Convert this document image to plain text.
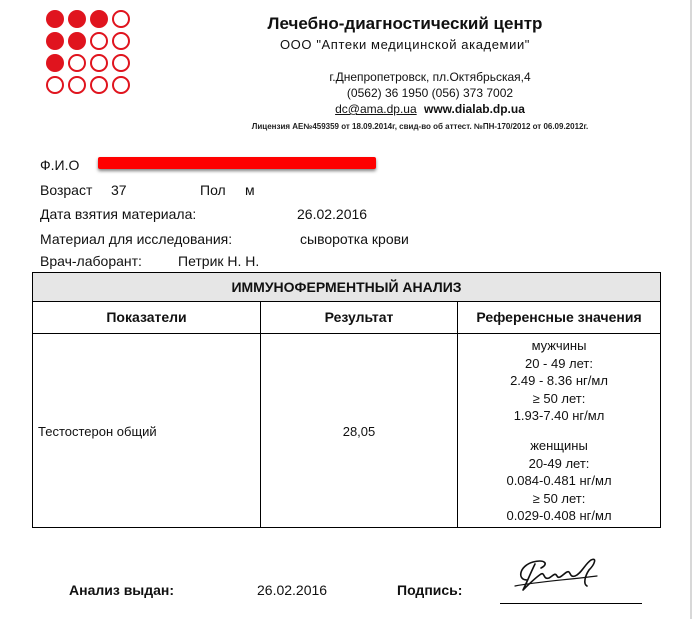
Лечебно-диагностический центр
ООО "Аптеки медицинской академии"
г.Днепропетровск, пл.Октябрьская,4
(0562) 36 1950 (056) 373 7002
dc@ama.dp.ua www.dialab.dp.ua
Лицензия АЕ№459359 от 18.09.2014г, свид-во об аттест. №ПН-170/2012 от 06.09.2012г.
Ф.И.О
Возраст 37	Пол м
Дата взятия материала:	26.02.2016
Материал для исследования:	сыворотка крови
Врач-лаборант:	Петрик Н. Н.
ИММУНОФЕРМЕНТНЫЙ АНАЛИЗ
Показатели	Результат	Референсные значения
Тестостерон общий	28,05
мужчины
20 - 49 лет:
2.49 - 8.36 нг/мл
≥ 50 лет:
1.93-7.40 нг/мл
женщины
20-49 лет:
0.084-0.481 нг/мл
≥ 50 лет:
0.029-0.408 нг/мл
Анализ выдан:	26.02.2016	Подпись:
